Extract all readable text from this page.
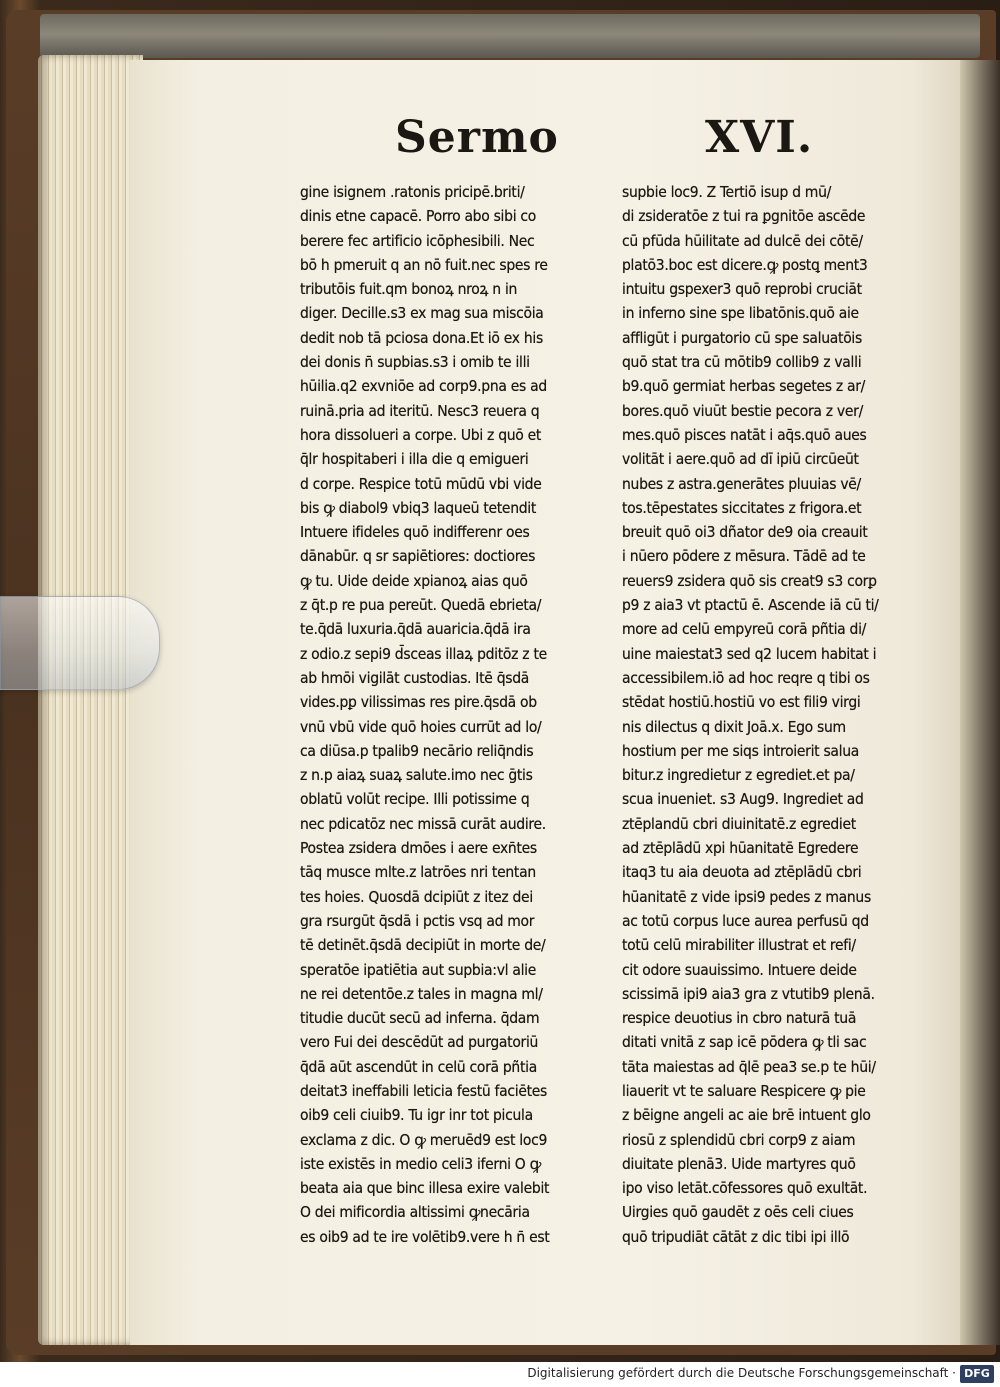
Sermo	XVI.
gine isignem .ratonis pricipē.briti/
dinis etne capacē. Porro abo sibi co
berere fec artificio icōphesibili. Nec
bō h pmeruit q an nō fuit.nec spes re
tributōis fuit.qm bonoꝝ nroꝝ n in
diger. Decille.s3 ex mag sua miscōia
dedit nob tā pciosa dona.Et iō ex his
dei donis n̄ supbias.s3 i omib te illi
hūilia.q2 exvniōe ad corp9.pna es ad
ruinā.pria ad iteritū. Nesc3 reuera q
hora dissolueri a corpe. Ubi z quō et
q̄lr hospitaberi i illa die q emigueri
d corpe. Respice totū mūdū vbi vide
bis ꝙ diabol9 vbiq3 laqueū tetendit
Intuere ifideles quō indifferenr oes
dānabūr. q sr sapiētiores: doctiores
ꝙ tu. Uide deide xpianoꝝ aias quō
z q̄t.p re pua pereūt. Quedā ebrieta/
te.q̄dā luxuria.q̄dā auaricia.q̄dā ira
z odio.z sepi9 d̄sceas illaꝝ pditōz z te
ab hmōi vigilāt custodias. Itē q̄sdā
vides.pꝑ vilissimas res pire.q̄sdā ob
vnū vbū vide quō hoies currūt ad lo/
ca diūsa.p tpalib9 necārio reliq̄ndis
z n.p aiaꝝ suaꝝ salute.imo nec ḡtis
oblatū volūt recipe. Illi potissime q
nec pdicatōz nec missā curāt audire.
Postea zsidera dmōes i aere exn̄tes
tāq musce mlte.z latrōes nri tentan
tes hoies. Quosdā dcipiūt z itez dei
gra rsurgūt q̄sdā i pctis vsq ad mor
tē detinēt.q̄sdā decipiūt in morte de/
speratōe ipatiētia aut supbia:vl alie
ne rei detentōe.z tales in magna ml/
titudie ducūt secū ad inferna. q̄dam
vero Fui dei descēdūt ad purgatoriū
q̄dā aūt ascendūt in celū corā pñtia
deitat3 ineffabili leticia festū faciētes
oib9 celi ciuib9. Tu igr inr tot picula
exclama z dic. O ꝙ meruēd9 est loc9
iste existēs in medio celi3 iferni O ꝙ
beata aia que binc illesa exire valebit
O dei mificordia altissimi ꝙnecāria
es oib9 ad te ire volētib9.vere h n̄ est
supbie loc9. Z Tertiō isup d mū/
di zsideratōe z tui ra ꝑgnitōe ascēde
cū pfūda hūilitate ad dulcē dei cōtē/
platō3.boc est dicere.ꝙ postꝗ ment3
intuitu gspexer3 quō reprobi cruciāt
in inferno sine spe libatōnis.quō aie
affligūt i purgatorio cū spe saluatōis
quō stat tra cū mōtib9 collib9 z valli
b9.quō germiat herbas segetes z ar/
bores.quō viuūt bestie pecora z ver/
mes.quō pisces natāt i aq̄s.quō aues
volitāt i aere.quō ad dī ipiū circūeūt
nubes z astra.generātes pluuias vē/
tos.tēpestates siccitates z frigora.et
breuit quō oi3 dñator de9 oia creauit
i nūero pōdere z mēsura. Tādē ad te
reuers9 zsidera quō sis creat9 s3 corꝑ
p9 z aia3 vt ptactū ē. Ascende iā cū ti/
more ad celū empyreū corā pñtia di/
uine maiestat3 sed q2 lucem habitat i
accessibilem.iō ad hoc reqre q tibi os
stēdat hostiū.hostiū vo est fili9 virgi
nis dilectus q dixit Joā.x. Ego sum
hostium per me siqs introierit salua
bitur.z ingredietur z egrediet.et pa/
scua inueniet. s3 Aug9. Ingrediet ad
ztēplandū cbri diuinitatē.z egrediet
ad ztēplādū xpi hūanitatē Egredere
itaq3 tu aia deuota ad ztēplādū cbri
hūanitatē z vide ipsi9 pedes z manus
ac totū corpus luce aurea perfusū qd
totū celū mirabiliter illustrat et refi/
cit odore suauissimo. Intuere deide
scissimā ipi9 aia3 gra z vtutib9 plenā.
respice deuotius in cbro naturā tuā
ditati vnitā z sap icē pōdera ꝙ tli sac
tāta maiestas ad q̄lē pea3 se.p te hūi/
liauerit vt te saluare Respicere ꝙ pie
z bēigne angeli ac aie brē intuent glo
riosū z splendidū cbri corp9 z aiam
diuitate plenā3. Uide martyres quō
ipo viso letāt.cōfessores quō exultāt.
Uirgies quō gaudēt z oēs celi ciues
quō tripudiāt cātāt z dic tibi ipi illō
Digitalisierung gefördert durch die Deutsche Forschungsgemeinschaft · DFG
